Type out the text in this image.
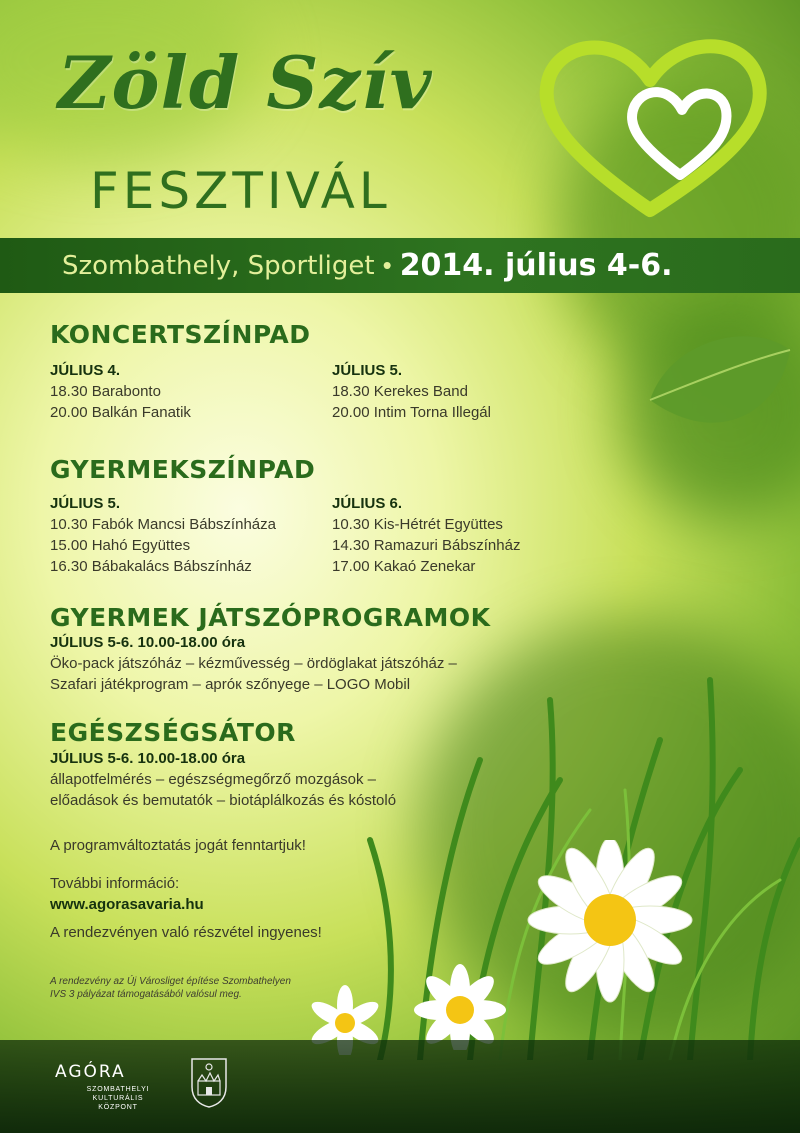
Zöld Szív
FESZTIVÁL
Szombathely, Sportliget • 2014. július 4-6.
KONCERTSZÍNPAD
JÚLIUS 4.
18.30 Barabonto
20.00 Balkán Fanatik
JÚLIUS 5.
18.30 Kerekes Band
20.00 Intim Torna Illegál
GYERMEKSZÍNPAD
JÚLIUS 5.
10.30 Fabók Mancsi Bábszínháza
15.00 Hahó Együttes
16.30 Bábakalács Bábszínház
JÚLIUS 6.
10.30 Kis-Hétrét Együttes
14.30 Ramazuri Bábszínház
17.00 Kakaó Zenekar
GYERMEK JÁTSZÓPROGRAMOK
JÚLIUS 5-6. 10.00-18.00 óra
Öko-pack játszóház – kézművesség – ördöglakat játszóház –
Szafari játékprogram – apróк szőnyege – LOGO Mobil
EGÉSZSÉGSÁTOR
JÚLIUS 5-6. 10.00-18.00 óra
állapotfelmérés – egészségmegőrző mozgások –
előadások és bemutatók – biotáplálkozás és kóstoló
A programváltoztatás jogát fenntartjuk!
További információ:
www.agorasavaria.hu
A rendezvényen való részvétel ingyenes!
A rendezvény az Új Városliget építése Szombathelyen
IVS 3 pályázat támogatásából valósul meg.
AGÓRA
SZOMBATHELYI
KULTURÁLIS
KÖZPONT
